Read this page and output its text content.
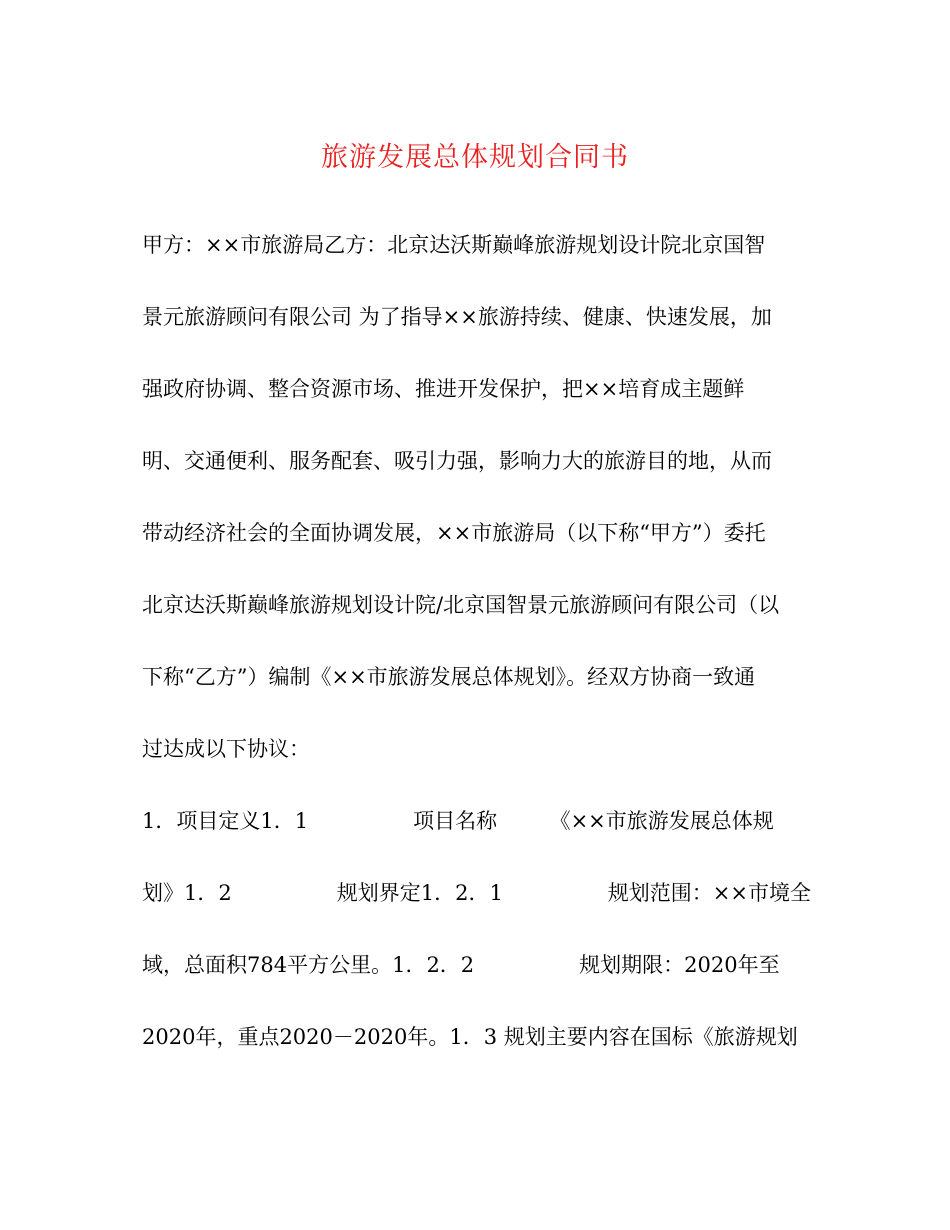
旅游发展总体规划合同书
甲方：××市旅游局乙方：北京达沃斯巅峰旅游规划设计院北京国智
景元旅游顾问有限公司 为了指导××旅游持续、健康、快速发展，加
强政府协调、整合资源市场、推进开发保护，把××培育成主题鲜
明、交通便利、服务配套、吸引力强，影响力大的旅游目的地，从而
带动经济社会的全面协调发展，××市旅游局（以下称“甲方”）委托
北京达沃斯巅峰旅游规划设计院/北京国智景元旅游顾问有限公司（以
下称“乙方”）编制《××市旅游发展总体规划》。经双方协商一致通
过达成以下协议：
1．项目定义1．1　　　　　项目名称　　　《××市旅游发展总体规
划》1．2　　　　　规划界定1．2．1　　　　　规划范围：××市境全
域，总面积784平方公里。1．2．2　　　　　规划期限：2020年至
2020年，重点2020－2020年。1．3 规划主要内容在国标《旅游规划
